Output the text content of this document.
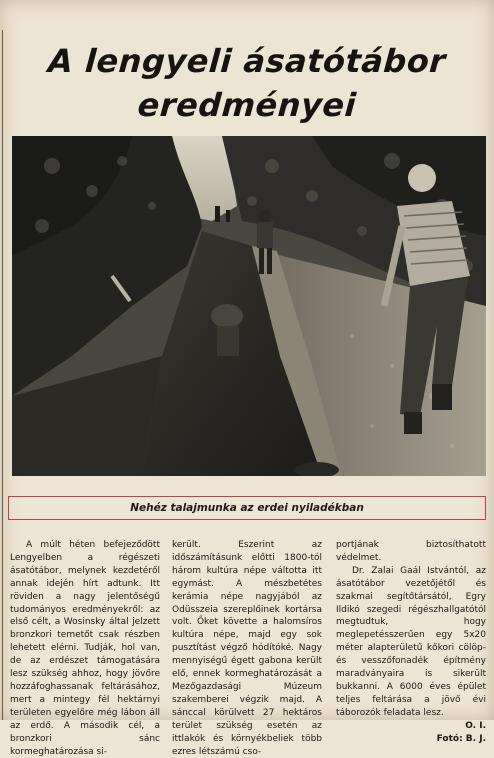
A lengyeli ásatótábor
eredményei
Nehéz talajmunka az erdei nyiladékban

A múlt héten befejeződött Lengyelben a régészeti ásatótábor, melynek kezdetéről annak idején hírt adtunk. Itt röviden a nagy jelentőségű tudományos eredményekről: az első célt, a Wosinsky által jelzett bronzkori temetőt csak részben lehetett elérni. Tudják, hol van, de az erdészet támogatására lesz szükség ahhoz, hogy jövőre hozzáfoghassanak feltárásához, mert a mintegy fél hektárnyi területen egyelőre még lábon áll az erdő. A második cél, a bronzkori sánc kormeghatározása si-

került. Eszerint az időszámításunk előtti 1800-tól három kultúra népe váltotta itt egymást. A mészbetétes kerámia népe nagyjából az Odüsszeia szereplőinek kortársa volt. Őket követte a halomsíros kultúra népe, majd egy sok pusztítást végző hódítóké. Nagy mennyiségű égett gabona került elő, ennek kormeghatározását a Mezőgazdasági Múzeum szakemberei végzik majd. A sánccal körülvett 27 hektáros terület szükség esetén az ittlakók és környékbeliek több ezres létszámú cso-

portjának biztosíthatott védelmet.

Dr. Zalai Gaál Istvántól, az ásatótábor vezetőjétől és szakmai segítőtársától, Egry Ildikó szegedi régészhallgatótól megtudtuk, hogy meglepetésszerűen egy 5x20 méter alapterületű kőkori cölöp- és vesszőfonadék építmény maradványaira is sikerült bukkanni. A 6000 éves épület teljes feltárása a jövő évi táborozók feladata lesz.

O. I.
Fotó: B. J.
